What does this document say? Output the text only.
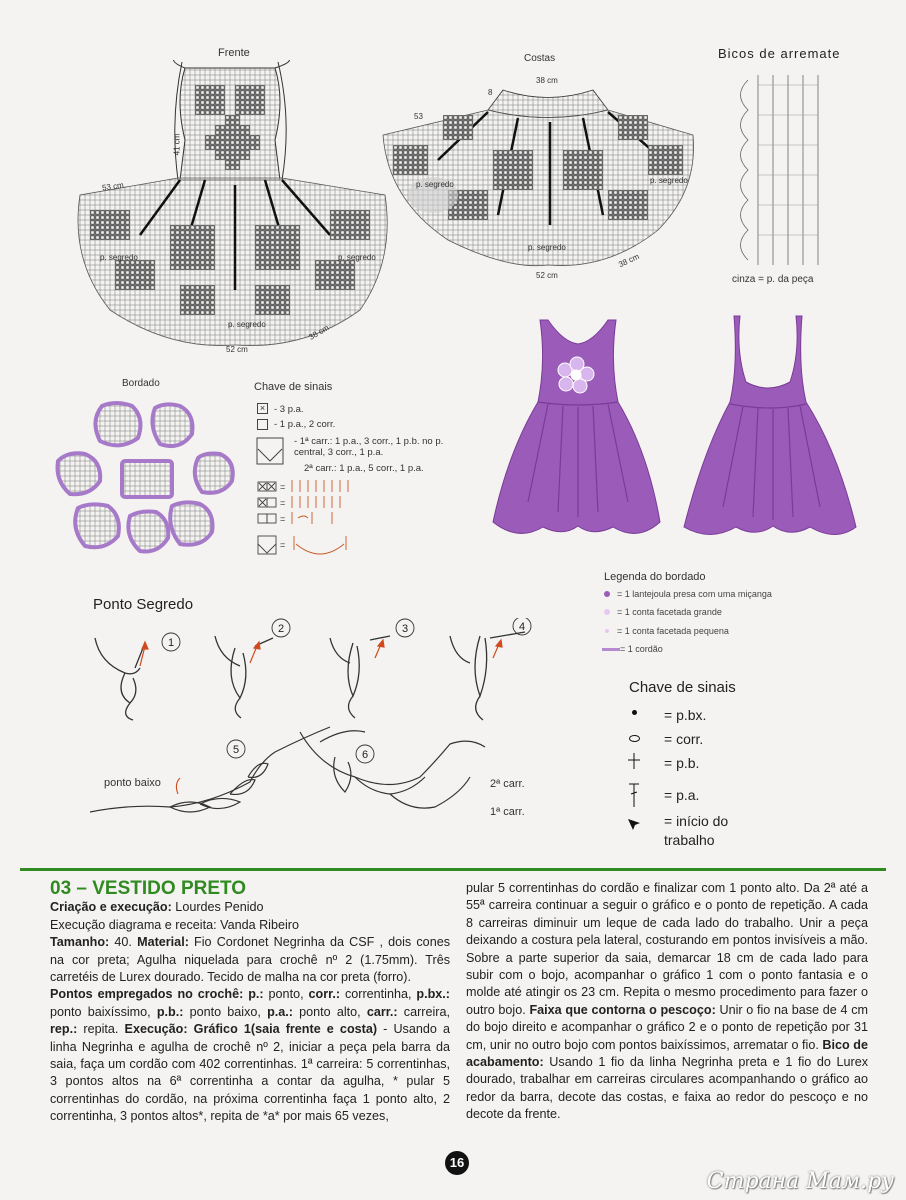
Frente
41 cm
53 cm
52 cm
38 cm
p. segredo	p. segredo
p. segredo
Costas
38 cm
53
8
p. segredo	p. segredo
p. segredo
52 cm
38 cm
Bicos de arremate
cinza = p. da peça
Bordado	Chave de sinais
× - 3 p.a.
- 1 p.a., 2 corr.
- 1ª carr.: 1 p.a., 3 corr., 1 p.b. no p. central, 3 corr., 1 p.a.
2ª carr.: 1 p.a., 5 corr., 1 p.a.
=
=
=
=
Legenda do bordado
= 1 lantejoula presa com uma miçanga
= 1 conta facetada grande
= 1 conta facetada pequena
= 1 cordão
Ponto Segredo
1
2	3	4
5	6
ponto baixo	2ª carr.
1ª carr.
Chave de sinais
= p.bx.
= corr.
= p.b.
= p.a.
= início do trabalho
03 – VESTIDO PRETO
Criação e execução: Lourdes Penido
Execução diagrama e receita: Vanda Ribeiro
Tamanho: 40. Material: Fio Cordonet Negrinha da CSF , dois cones na cor preta; Agulha niquelada para crochê nº 2 (1.75mm). Três carretéis de Lurex dourado. Tecido de malha na cor preta (forro).
Pontos empregados no crochê: p.: ponto, corr.: correntinha, p.bx.: ponto baixíssimo, p.b.: ponto baixo, p.a.: ponto alto, carr.: carreira, rep.: repita. Execução: Gráfico 1(saia frente e costa) - Usando a linha Negrinha e agulha de crochê nº 2, iniciar a peça pela barra da saia, faça um cordão com 402 correntinhas. 1ª carreira: 5 correntinhas, 3 pontos altos na 6ª correntinha a contar da agulha, * pular 5 correntinhas do cordão, na próxima correntinha faça 1 ponto alto, 2 correntinha, 3 pontos altos*, repita de *a* por mais 65 vezes,
pular 5 correntinhas do cordão e finalizar com 1 ponto alto. Da 2ª até a 55ª carreira continuar a seguir o gráfico e o ponto de repetição. A cada 8 carreiras diminuir um leque de cada lado do trabalho. Unir a peça deixando a costura pela lateral, costurando em pontos invisíveis a mão. Sobre a parte superior da saia, demarcar 18 cm de cada lado para subir com o bojo, acompanhar o gráfico 1 com o ponto fantasia e o molde até atingir os 23 cm. Repita o mesmo procedimento para fazer o outro bojo. Faixa que contorna o pescoço: Unir o fio na base de 4 cm do bojo direito e acompanhar o gráfico 2 e o ponto de repetição por 31 cm, unir no outro bojo com pontos baixíssimos, arrematar o fio. Bico de acabamento: Usando 1 fio da linha Negrinha preta e 1 fio do Lurex dourado, trabalhar em carreiras circulares acompanhando o gráfico ao redor da barra, decote das costas, e faixa ao redor do pescoço e no decote da frente.
16
Страна Мам.ру
